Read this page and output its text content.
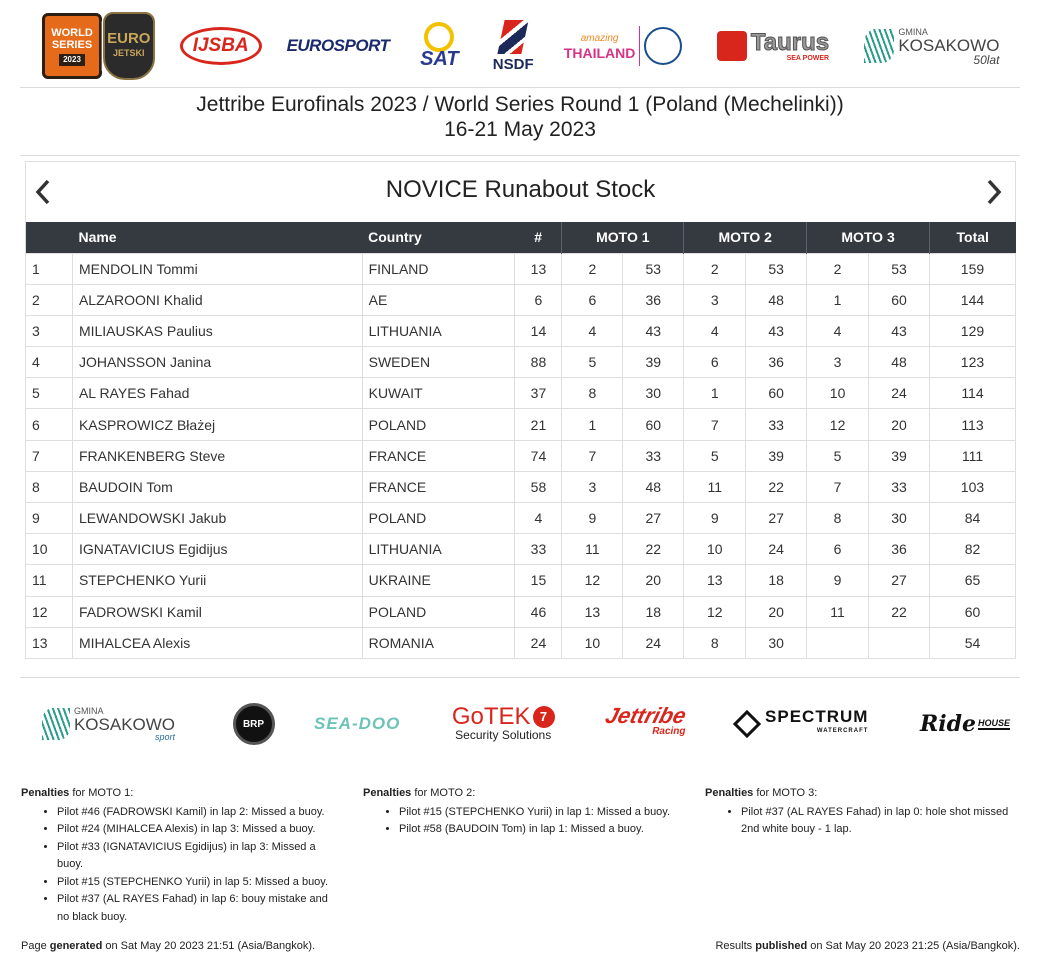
WORLD
SERIES
2023
EURO
JETSKI	IJSBA EUROSPORT
SAT NSDF
amazing
THAILAND	Taurus
SEA POWER
GMINA
KOSAKOWO
50lat
Jettribe Eurofinals 2023 / World Series Round 1 (Poland (Mechelinki))
16-21 May 2023
NOVICE Runabout Stock
	Name	Country	#	MOTO 1		MOTO 2		MOTO 3		Total
1	MENDOLIN Tommi	FINLAND	13	2	53	2	53	2	53	159
2	ALZAROONI Khalid	AE	6	6	36	3	48	1	60	144
3	MILIAUSKAS Paulius	LITHUANIA	14	4	43	4	43	4	43	129
4	JOHANSSON Janina	SWEDEN	88	5	39	6	36	3	48	123
5	AL RAYES Fahad	KUWAIT	37	8	30	1	60	10	24	114
6	KASPROWICZ Błażej	POLAND	21	1	60	7	33	12	20	113
7	FRANKENBERG Steve	FRANCE	74	7	33	5	39	5	39	111
8	BAUDOIN Tom	FRANCE	58	3	48	11	22	7	33	103
9	LEWANDOWSKI Jakub	POLAND	4	9	27	9	27	8	30	84
10	IGNATAVICIUS Egidijus	LITHUANIA	33	11	22	10	24	6	36	82
11	STEPCHENKO Yurii	UKRAINE	15	12	20	13	18	9	27	65
12	FADROWSKI Kamil	POLAND	46	13	18	12	20	11	22	60
13	MIHALCEA Alexis	ROMANIA	24	10	24	8	30			54
GMINA
KOSAKOWO
sport
BRP	SEA-DOO GoTEK 7
Security Solutions
Jettribe
Racing
SPECTRUM
WATERCRAFT Ride HOUSE
Penalties for MOTO 1:
• Pilot #46 (FADROWSKI Kamil) in lap 2: Missed a buoy.
• Pilot #24 (MIHALCEA Alexis) in lap 3: Missed a buoy.
• Pilot #33 (IGNATAVICIUS Egidijus) in lap 3: Missed a buoy.
• Pilot #15 (STEPCHENKO Yurii) in lap 5: Missed a buoy.
• Pilot #37 (AL RAYES Fahad) in lap 6: bouy mistake and no black buoy.
Penalties for MOTO 2:
• Pilot #15 (STEPCHENKO Yurii) in lap 1: Missed a buoy.
• Pilot #58 (BAUDOIN Tom) in lap 1: Missed a buoy.
Penalties for MOTO 3:
• Pilot #37 (AL RAYES Fahad) in lap 0: hole shot missed 2nd white bouy - 1 lap.
Page generated on Sat May 20 2023 21:51 (Asia/Bangkok).	Results published on Sat May 20 2023 21:25 (Asia/Bangkok).
